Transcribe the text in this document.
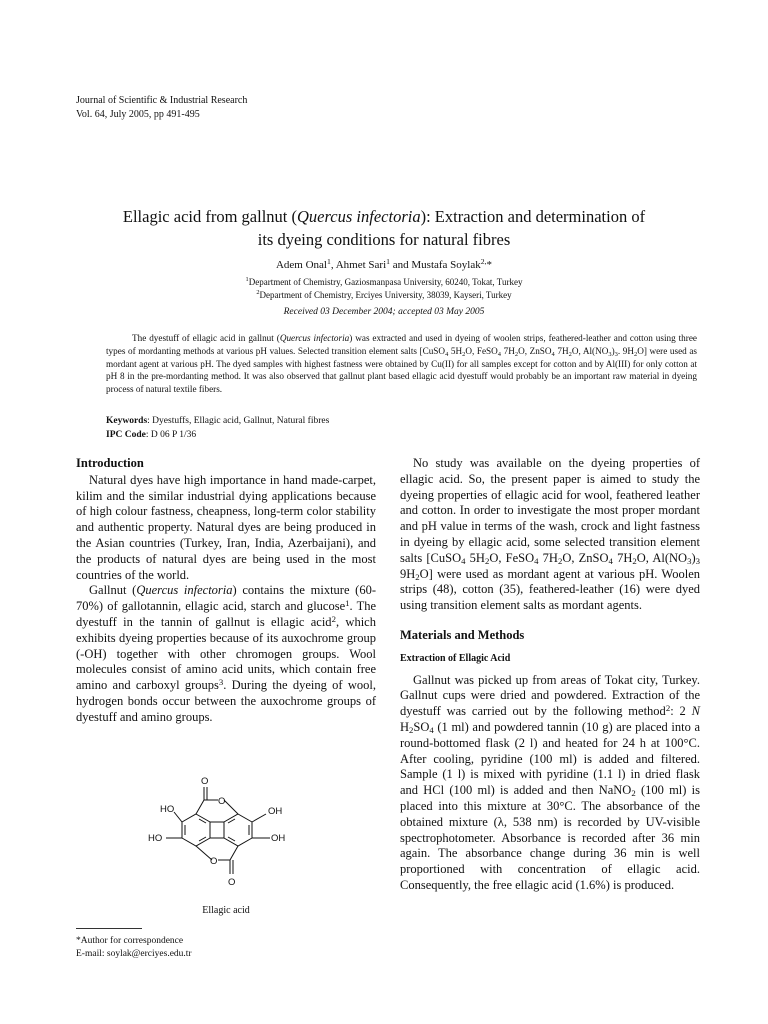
Journal of Scientific & Industrial Research
Vol. 64, July 2005, pp 491-495
Ellagic acid from gallnut (Quercus infectoria): Extraction and determination of
its dyeing conditions for natural fibres
Adem Onal$^1$, Ahmet Sari$^1$ and Mustafa Soylak$^{2,}$*
$^1$Department of Chemistry, Gaziosmanpasa University, 60240, Tokat, Turkey
$^2$Department of Chemistry, Erciyes University, 38039, Kayseri, Turkey
Received 03 December 2004; accepted 03 May 2005

The dyestuff of ellagic acid in gallnut (Quercus infectoria) was extracted and used in dyeing of woolen strips, feathered-leather and cotton using three types of mordanting methods at various pH values. Selected transition element salts [CuSO$_4$ $5H_2O$, FeSO$_4$ $7H_2O$, ZnSO$_4$ $7H_2O$, $Al(NO_3)_3$. $9H_2O$] were used as mordant agent at various pH. The dyed samples with highest fastness were obtained by Cu(II) for all samples except for cotton and by Al(III) for only cotton at pH 8 in the pre-mordanting method. It was also observed that gallnut plant based ellagic acid dyestuff would probably be an important raw material in dyeing process of natural textile fibers.

Keywords: Dyestuffs, Ellagic acid, Gallnut, Natural fibres
IPC Code: D 06 P 1/36
Introduction

Natural dyes have high importance in hand made-carpet, kilim and the similar industrial dying applications because of high colour fastness, cheapness, long-term color stability and authentic property. Natural dyes are being produced in the Asian countries (Turkey, Iran, India, Azerbaijani), and the products of natural dyes are being used in the most countries of the world.

Gallnut (Quercus infectoria) contains the mixture (60-70%) of gallotannin, ellagic acid, starch and glucose$^1$. The dyestuff in the tannin of gallnut is ellagic acid$^2$, which exhibits dyeing properties because of its auxochrome group (-OH) together with other chromogen groups. Wool molecules consist of amino acid units, which contain free amino and carboxyl groups$^3$. During the dyeing of wool, hydrogen bonds occur between the auxochrome groups of dyestuff and amino groups.

O
O
OH
OH
HO
HO
O
O
Ellagic acid
*Author for correspondence
E-mail: soylak@erciyes.edu.tr

No study was available on the dyeing properties of ellagic acid. So, the present paper is aimed to study the dyeing properties of ellagic acid for wool, feathered leather and cotton. In order to investigate the most proper mordant and pH value in terms of the wash, crock and light fastness in dyeing by ellagic acid, some selected transition element salts [CuSO$_4$ $5H_2O$, FeSO$_4$ $7H_2O$, ZnSO$_4$ $7H_2O$, $Al(NO_3)_3$ $9H_2O$] were used as mordant agent at various pH. Woolen strips (48), cotton (35), feathered-leather (16) were dyed using transition element salts as mordant agents.

Materials and Methods
Extraction of Ellagic Acid

Gallnut was picked up from areas of Tokat city, Turkey. Gallnut cups were dried and powdered. Extraction of the dyestuff was carried out by the following method$^2$: 2 N $H_2SO_4$ (1 ml) and powdered tannin (10 g) are placed into a round-bottomed flask (2 l) and heated for 24 h at 100°C. After cooling, pyridine (100 ml) is added and filtered. Sample (1 l) is mixed with pyridine (1.1 l) in dried flask and HCl (100 ml) is added and then NaNO$_2$ (100 ml) is placed into this mixture at 30°C. The absorbance of the obtained mixture (λ, 538 nm) is recorded by UV-visible spectrophotometer. Absorbance is recorded after 36 min again. The absorbance change during 36 min is well proportioned with concentration of ellagic acid. Consequently, the free ellagic acid (1.6%) is produced.
